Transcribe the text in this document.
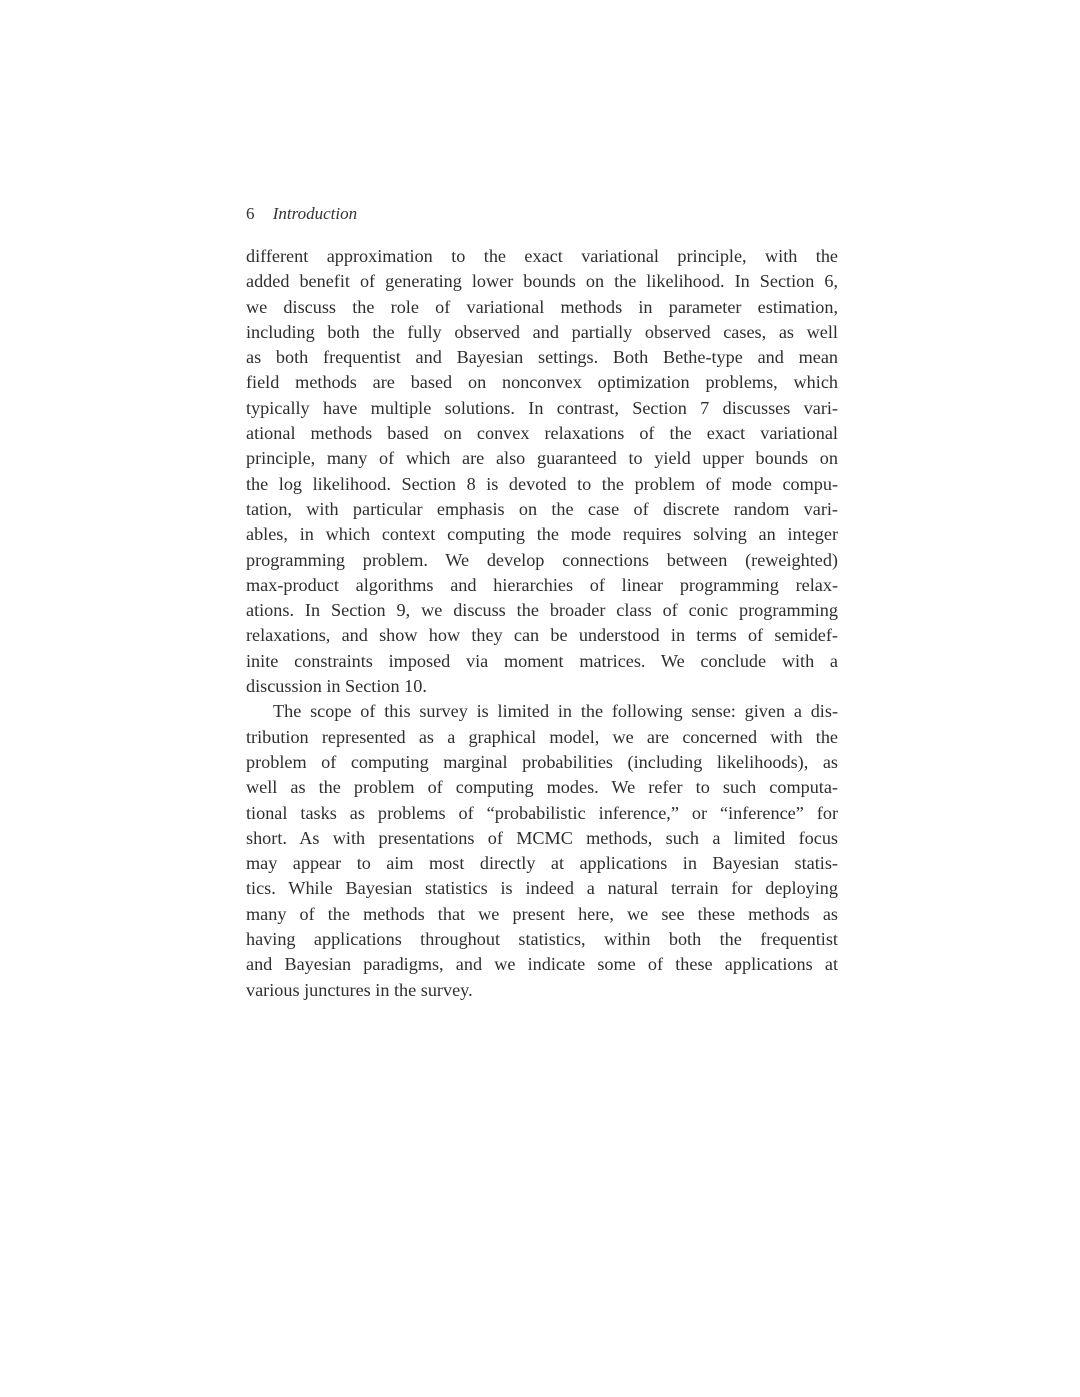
6 Introduction
different approximation to the exact variational principle, with the
added benefit of generating lower bounds on the likelihood. In Section 6,
we discuss the role of variational methods in parameter estimation,
including both the fully observed and partially observed cases, as well
as both frequentist and Bayesian settings. Both Bethe-type and mean
field methods are based on nonconvex optimization problems, which
typically have multiple solutions. In contrast, Section 7 discusses vari-
ational methods based on convex relaxations of the exact variational
principle, many of which are also guaranteed to yield upper bounds on
the log likelihood. Section 8 is devoted to the problem of mode compu-
tation, with particular emphasis on the case of discrete random vari-
ables, in which context computing the mode requires solving an integer
programming problem. We develop connections between (reweighted)
max-product algorithms and hierarchies of linear programming relax-
ations. In Section 9, we discuss the broader class of conic programming
relaxations, and show how they can be understood in terms of semidef-
inite constraints imposed via moment matrices. We conclude with a
discussion in Section 10.
The scope of this survey is limited in the following sense: given a dis-
tribution represented as a graphical model, we are concerned with the
problem of computing marginal probabilities (including likelihoods), as
well as the problem of computing modes. We refer to such computa-
tional tasks as problems of “probabilistic inference,” or “inference” for
short. As with presentations of MCMC methods, such a limited focus
may appear to aim most directly at applications in Bayesian statis-
tics. While Bayesian statistics is indeed a natural terrain for deploying
many of the methods that we present here, we see these methods as
having applications throughout statistics, within both the frequentist
and Bayesian paradigms, and we indicate some of these applications at
various junctures in the survey.
